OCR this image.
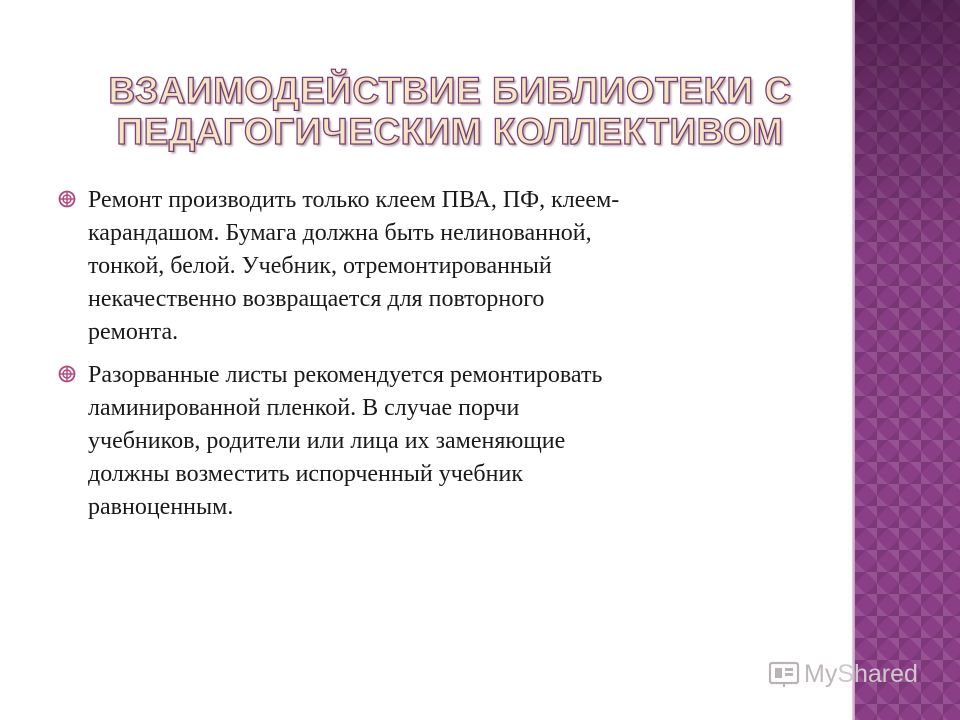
ВЗАИМОДЕЙСТВИЕ БИБЛИОТЕКИ С
ПЕДАГОГИЧЕСКИМ КОЛЛЕКТИВОМ
Ремонт производить только клеем ПВА, ПФ, клеем-
карандашом. Бумага должна быть нелинованной,
тонкой, белой. Учебник, отремонтированный
некачественно возвращается для повторного
ремонта.
Разорванные листы рекомендуется ремонтировать
ламинированной пленкой. В случае порчи
учебников, родители или лица их заменяющие
должны возместить испорченный учебник
равноценным.
My Shared
